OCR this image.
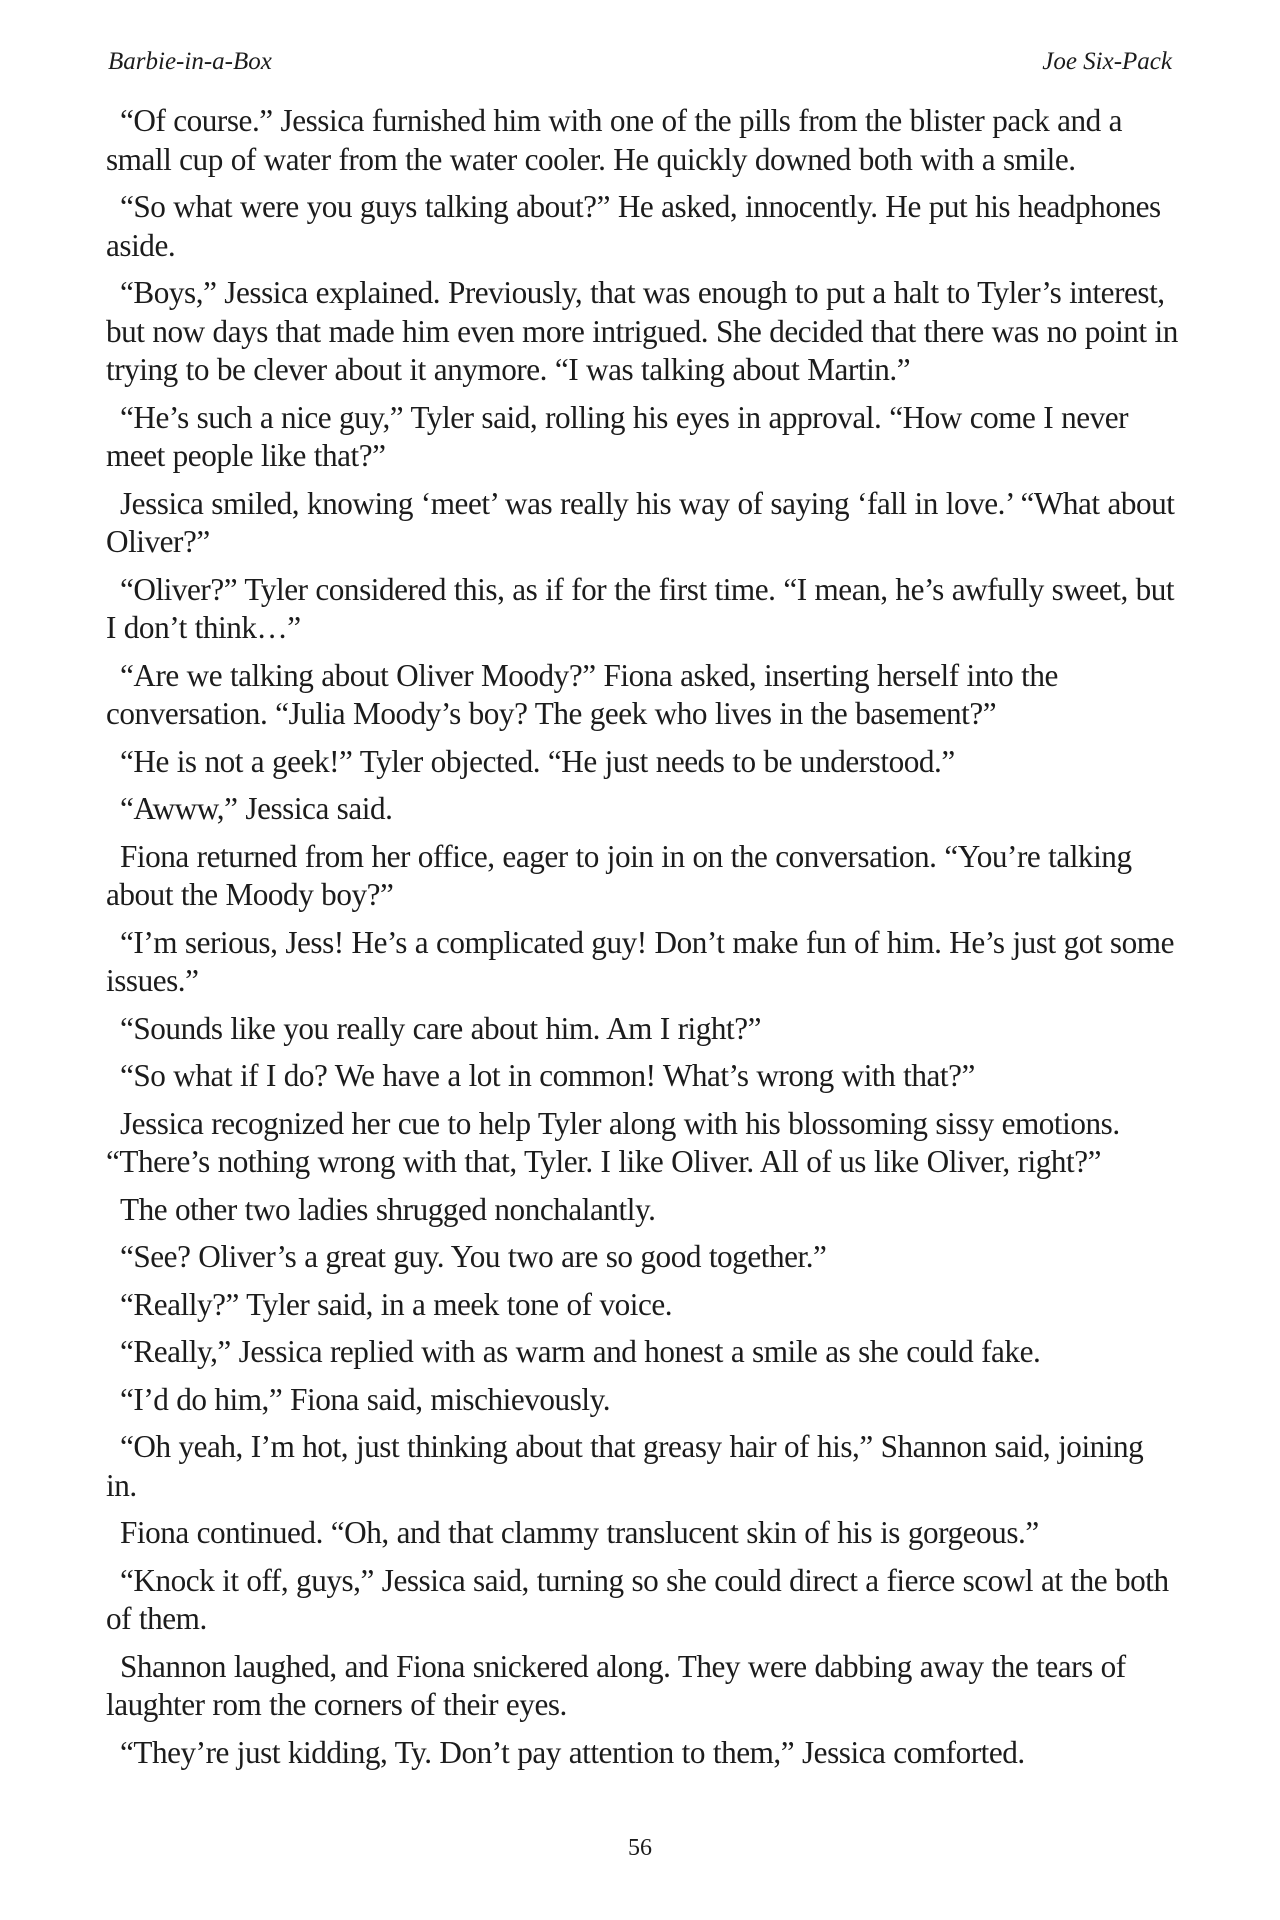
Barbie-in-a-Box	Joe Six-Pack

“Of course.” Jessica furnished him with one of the pills from the blister pack and a small cup of water from the water cooler. He quickly downed both with a smile.

“So what were you guys talking about?” He asked, innocently. He put his headphones aside.

“Boys,” Jessica explained. Previously, that was enough to put a halt to Tyler’s interest, but now days that made him even more intrigued. She decided that there was no point in trying to be clever about it anymore. “I was talking about Martin.”

“He’s such a nice guy,” Tyler said, rolling his eyes in approval. “How come I never meet people like that?”

Jessica smiled, knowing ‘meet’ was really his way of saying ‘fall in love.’ “What about Oliver?”

“Oliver?” Tyler considered this, as if for the first time. “I mean, he’s awfully sweet, but I don’t think…”

“Are we talking about Oliver Moody?” Fiona asked, inserting herself into the conversation. “Julia Moody’s boy? The geek who lives in the basement?”

“He is not a geek!” Tyler objected. “He just needs to be understood.”

“Awww,” Jessica said.

Fiona returned from her office, eager to join in on the conversation. “You’re talking about the Moody boy?”

“I’m serious, Jess! He’s a complicated guy! Don’t make fun of him. He’s just got some issues.”

“Sounds like you really care about him. Am I right?”

“So what if I do? We have a lot in common! What’s wrong with that?”

Jessica recognized her cue to help Tyler along with his blossoming sissy emotions. “There’s nothing wrong with that, Tyler. I like Oliver. All of us like Oliver, right?”

The other two ladies shrugged nonchalantly.

“See? Oliver’s a great guy. You two are so good together.”

“Really?” Tyler said, in a meek tone of voice.

“Really,” Jessica replied with as warm and honest a smile as she could fake.

“I’d do him,” Fiona said, mischievously.

“Oh yeah, I’m hot, just thinking about that greasy hair of his,” Shannon said, joining in.

Fiona continued. “Oh, and that clammy translucent skin of his is gorgeous.”

“Knock it off, guys,” Jessica said, turning so she could direct a fierce scowl at the both of them.

Shannon laughed, and Fiona snickered along. They were dabbing away the tears of laughter rom the corners of their eyes.

“They’re just kidding, Ty. Don’t pay attention to them,” Jessica comforted.

56
